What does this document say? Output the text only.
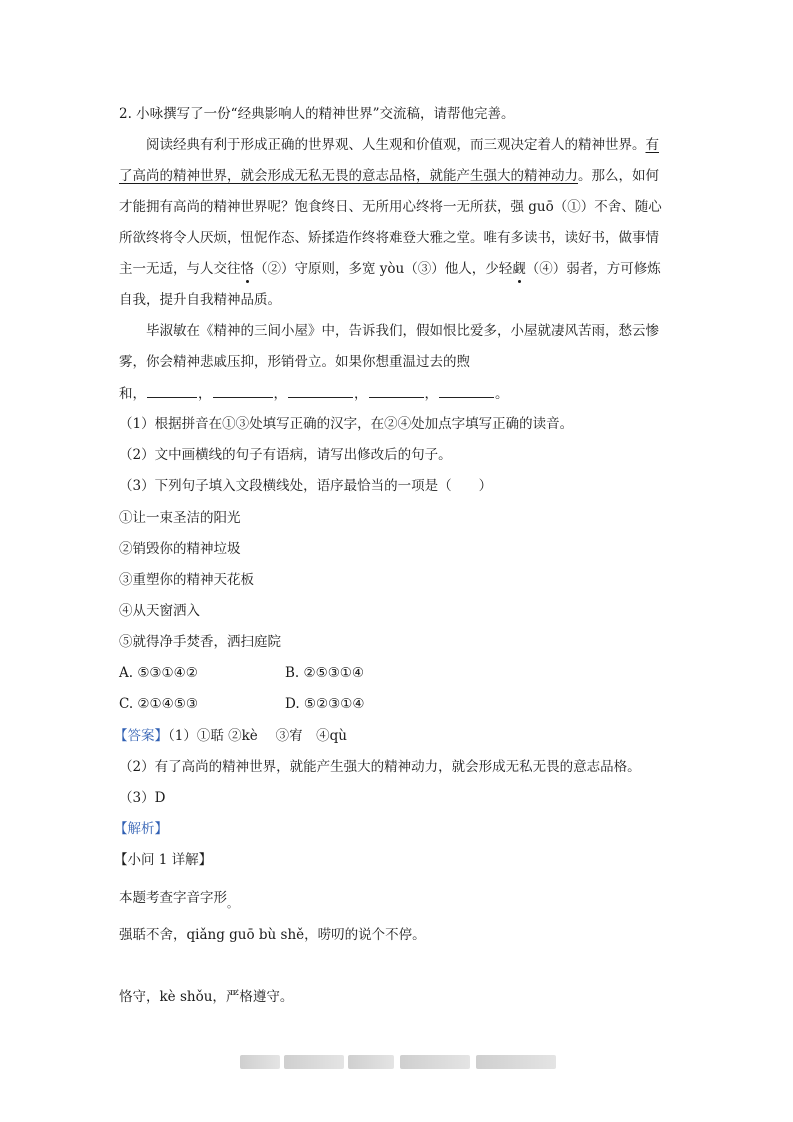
2. 小咏撰写了一份“经典影响人的精神世界”交流稿，请帮他完善。
阅读经典有利于形成正确的世界观、人生观和价值观，而三观决定着人的精神世界。有
了高尚的精神世界，就会形成无私无畏的意志品格，就能产生强大的精神动力。那么，如何
才能拥有高尚的精神世界呢？饱食终日、无所用心终将一无所获，强 guō（①）不舍、随心
所欲终将令人厌烦，忸怩作态、矫揉造作终将难登大雅之堂。唯有多读书，读好书，做事情
主一无适，与人交往恪（②）守原则，多宽 yòu（③）他人，少轻觑（④）弱者，方可修炼
自我，提升自我精神品质。
毕淑敏在《精神的三间小屋》中，告诉我们，假如恨比爱多，小屋就凄风苦雨，愁云惨
雾，你会精神悲戚压抑，形销骨立。如果你想重温过去的煦
和，	，	，	，	，	。
（1）根据拼音在①③处填写正确的汉字，在②④处加点字填写正确的读音。
（2）文中画横线的句子有语病，请写出修改后的句子。
（3）下列句子填入文段横线处，语序最恰当的一项是（　　）
①让一束圣洁的阳光
②销毁你的精神垃圾
③重塑你的精神天花板
④从天窗洒入
⑤就得净手焚香，洒扫庭院
A. ⑤③①④②	B. ②⑤③①④
C. ②①④⑤③	D. ⑤②③①④
【答案】（1）①聒 ②kè　 ③宥　④qù
（2）有了高尚的精神世界，就能产生强大的精神动力，就会形成无私无畏的意志品格。
（3）D
【解析】
【小问 1 详解】
本题考查字音字形$_。$
强聒不舍，qiǎng guō bù shě，唠叨的说个不停。
恪守，kè shǒu，严格遵守。
